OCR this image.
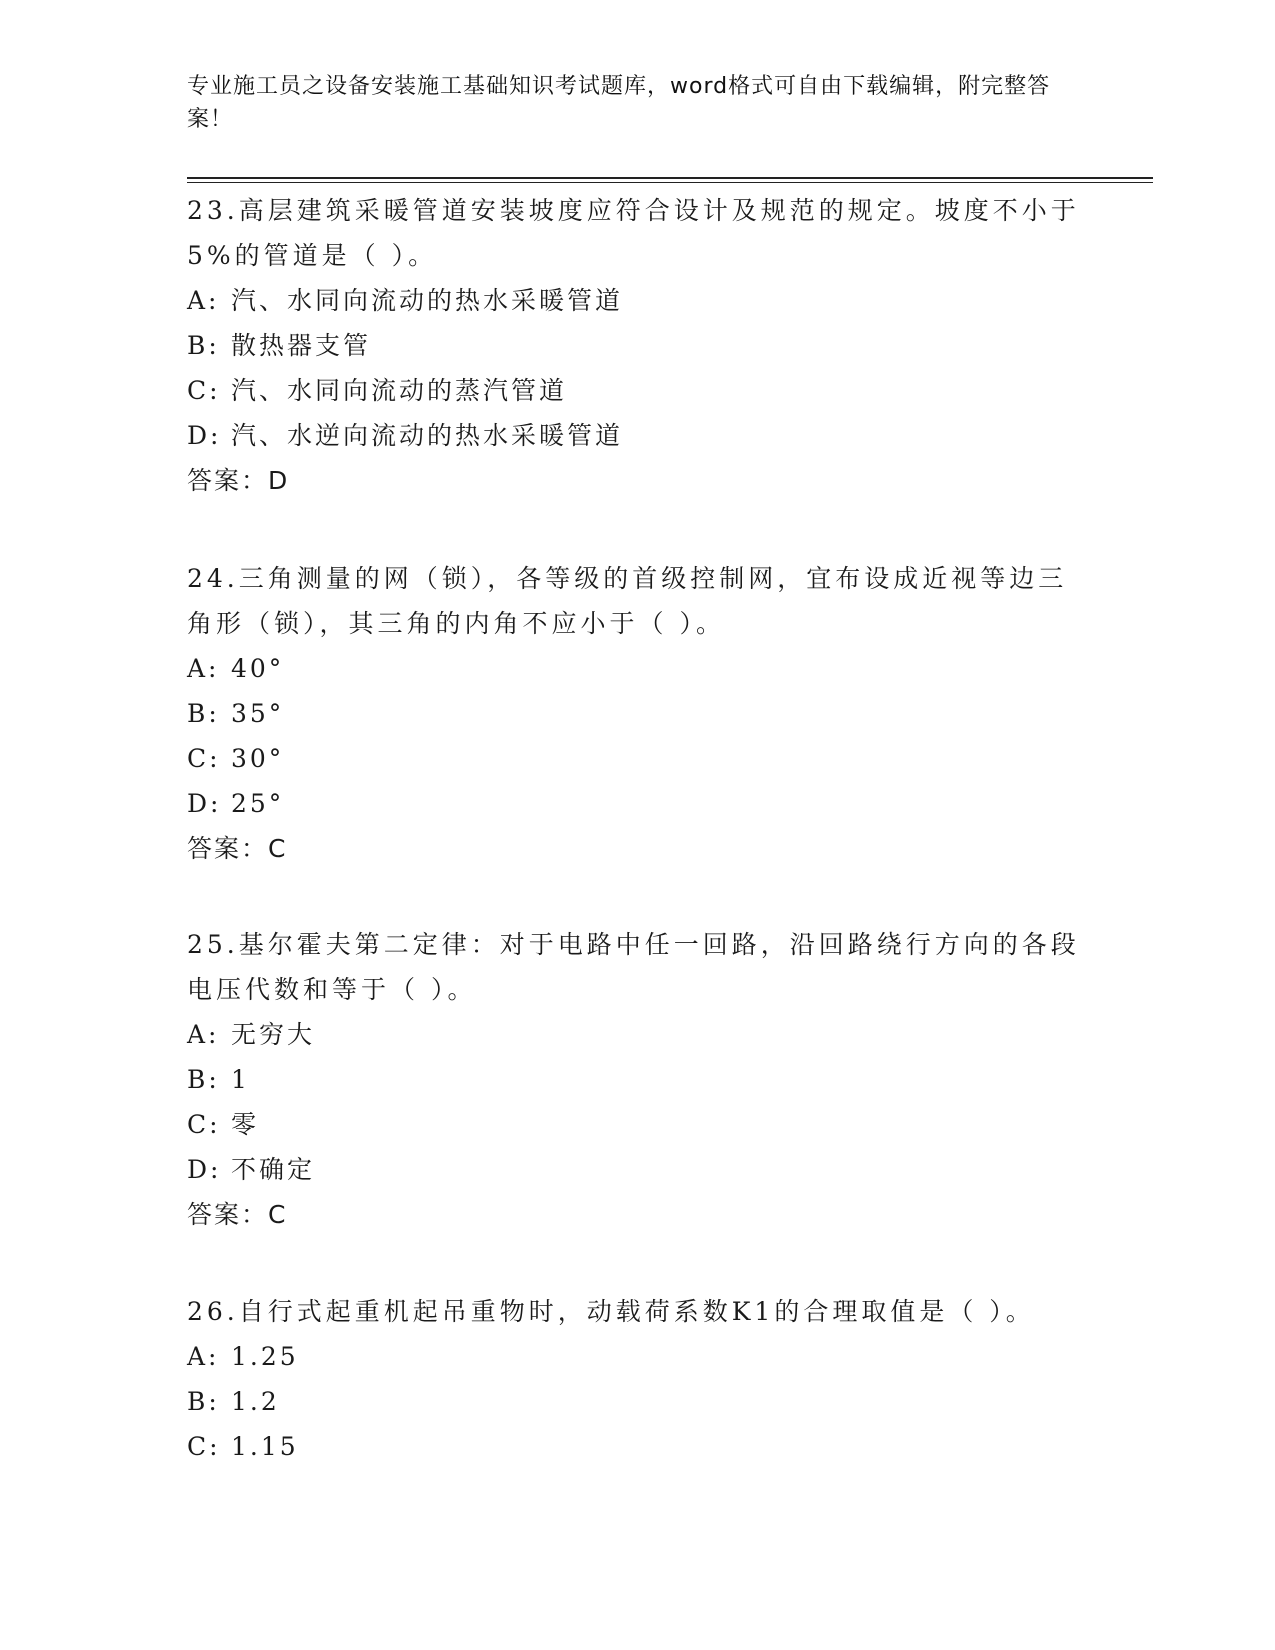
专业施工员之设备安装施工基础知识考试题库，word格式可自由下载编辑，附完整答案！

23.高层建筑采暖管道安装坡度应符合设计及规范的规定。坡度不小于5%的管道是（ ）。

A: 汽、水同向流动的热水采暖管道

B: 散热器支管

C: 汽、水同向流动的蒸汽管道

D: 汽、水逆向流动的热水采暖管道

答案：D

24.三角测量的网（锁），各等级的首级控制网，宜布设成近视等边三角形（锁），其三角的内角不应小于（ ）。

A: 40°

B: 35°

C: 30°

D: 25°

答案：C

25.基尔霍夫第二定律：对于电路中任一回路，沿回路绕行方向的各段电压代数和等于（ ）。

A: 无穷大

B: 1

C: 零

D: 不确定

答案：C

26.自行式起重机起吊重物时，动载荷系数K1的合理取值是（ ）。

A: 1.25

B: 1.2

C: 1.15
